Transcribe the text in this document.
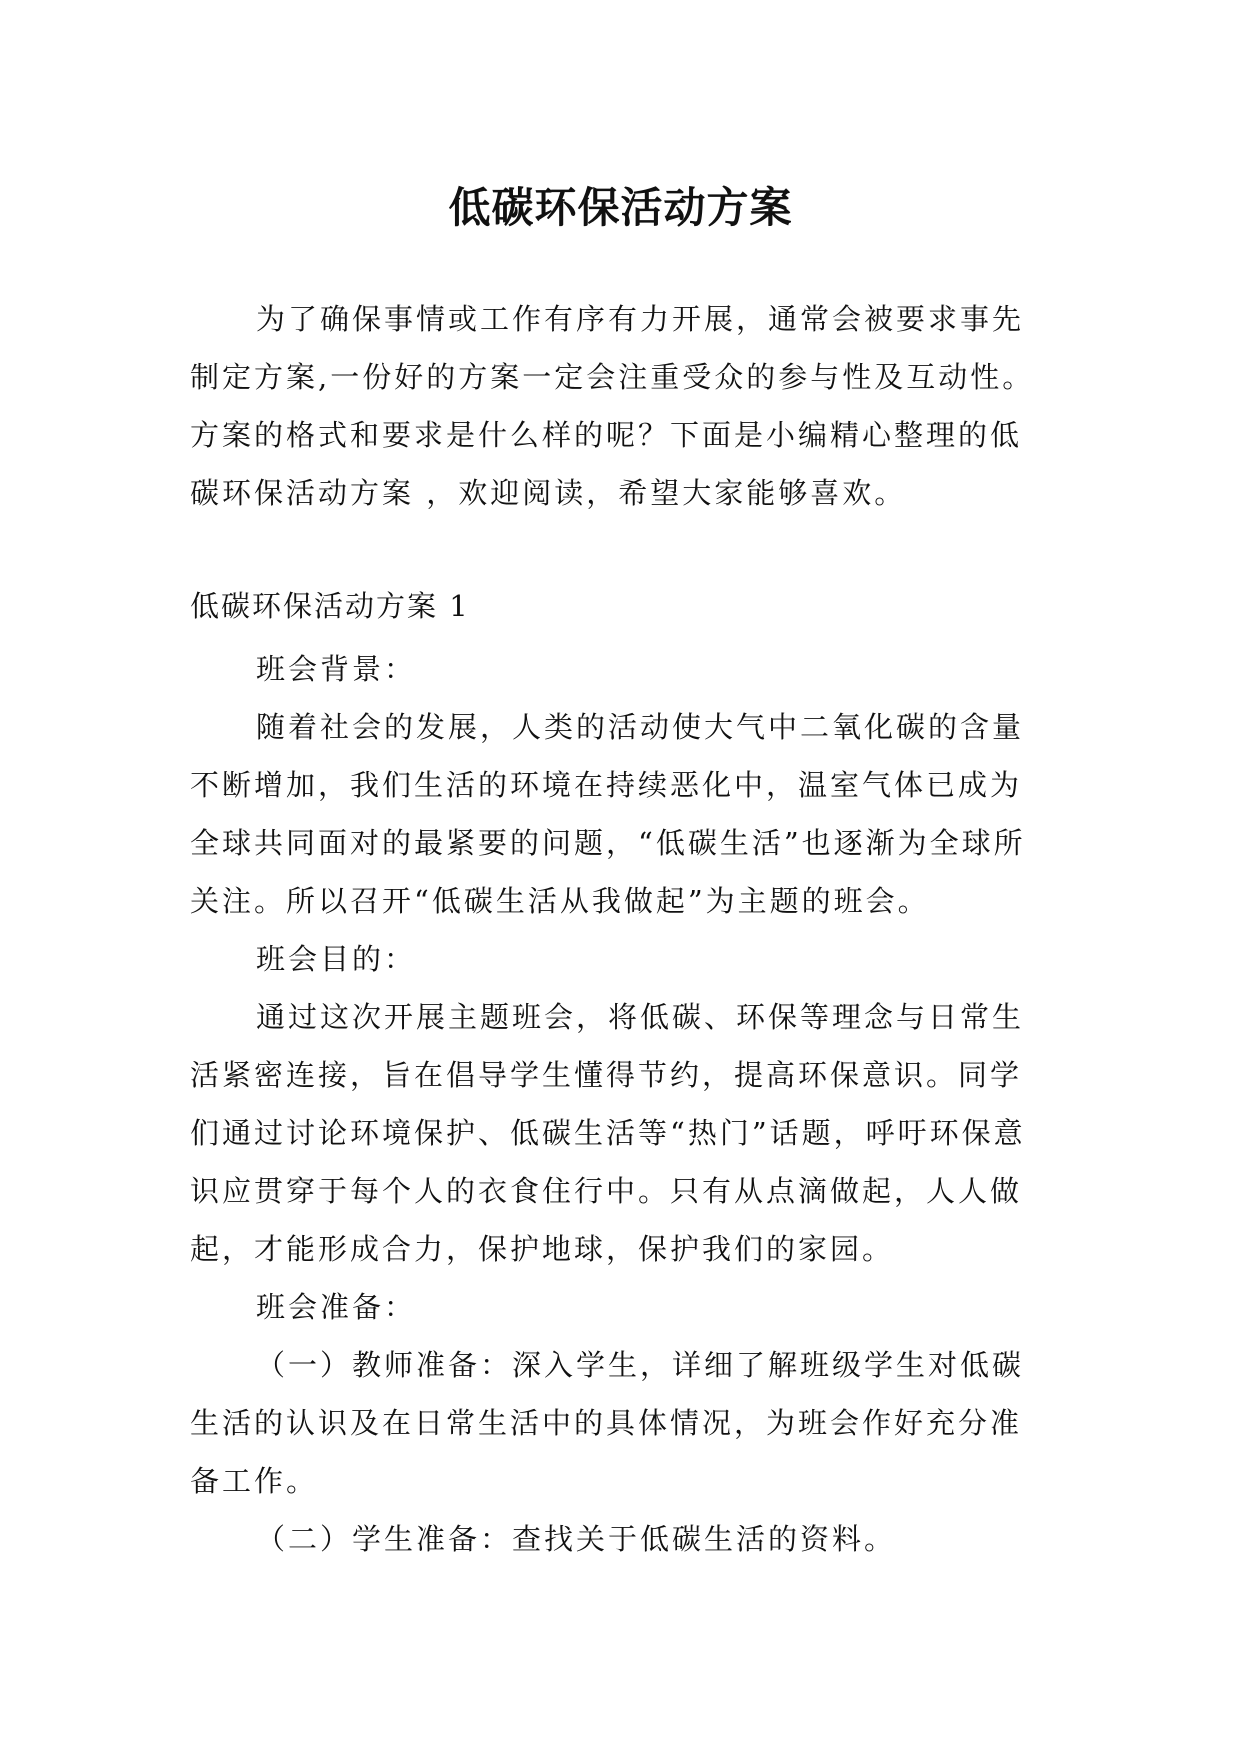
低碳环保活动方案

为了确保事情或工作有序有力开展，通常会被要求事先制定方案,一份好的方案一定会注重受众的参与性及互动性。方案的格式和要求是什么样的呢？下面是小编精心整理的低碳环保活动方案 ，欢迎阅读，希望大家能够喜欢。

低碳环保活动方案 1

班会背景：

随着社会的发展，人类的活动使大气中二氧化碳的含量不断增加，我们生活的环境在持续恶化中，温室气体已成为全球共同面对的最紧要的问题，“低碳生活”也逐渐为全球所关注。所以召开“低碳生活从我做起”为主题的班会。

班会目的：

通过这次开展主题班会，将低碳、环保等理念与日常生活紧密连接，旨在倡导学生懂得节约，提高环保意识。同学们通过讨论环境保护、低碳生活等“热门”话题，呼吁环保意识应贯穿于每个人的衣食住行中。只有从点滴做起，人人做起，才能形成合力，保护地球，保护我们的家园。

班会准备：

（一）教师准备：深入学生，详细了解班级学生对低碳生活的认识及在日常生活中的具体情况，为班会作好充分准备工作。

（二）学生准备：查找关于低碳生活的资料。
